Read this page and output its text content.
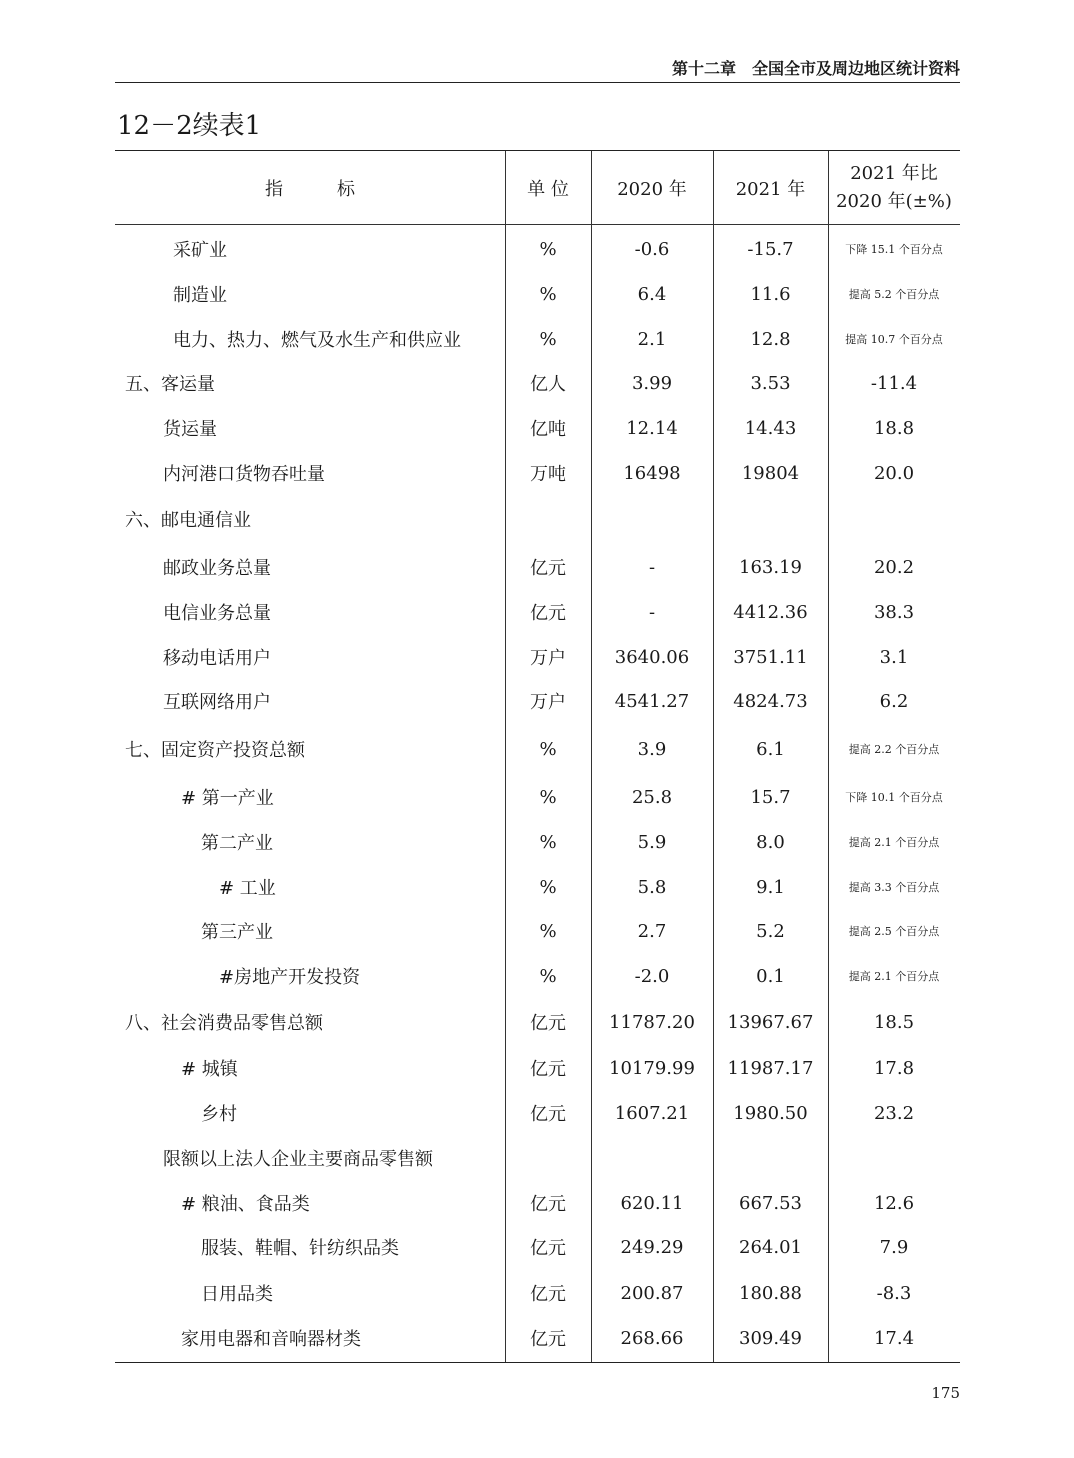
第十二章　全国全市及周边地区统计资料
12－2续表1
指　　　标	单 位	2020 年	2021 年
2021 年比
2020 年(±%)
采矿业	%	-0.6	-15.7	下降 15.1 个百分点
制造业	%	6.4	11.6	提高 5.2 个百分点
电力、热力、燃气及水生产和供应业	%	2.1	12.8	提高 10.7 个百分点
五、客运量	亿人	3.99	3.53	-11.4
货运量	亿吨	12.14	14.43	18.8
内河港口货物吞吐量	万吨	16498	19804	20.0
六、邮电通信业
邮政业务总量	亿元	-	163.19	20.2
电信业务总量	亿元	-	4412.36	38.3
移动电话用户	万户	3640.06	3751.11	3.1
互联网络用户	万户	4541.27	4824.73	6.2
七、固定资产投资总额	%	3.9	6.1	提高 2.2 个百分点
# 第一产业	%	25.8	15.7	下降 10.1 个百分点
第二产业	%	5.9	8.0	提高 2.1 个百分点
# 工业	%	5.8	9.1	提高 3.3 个百分点
第三产业	%	2.7	5.2	提高 2.5 个百分点
#房地产开发投资	%	-2.0	0.1	提高 2.1 个百分点
八、社会消费品零售总额	亿元	11787.20	13967.67	18.5
# 城镇	亿元	10179.99	11987.17	17.8
乡村	亿元	1607.21	1980.50	23.2
限额以上法人企业主要商品零售额
# 粮油、食品类	亿元	620.11	667.53	12.6
服装、鞋帽、针纺织品类	亿元	249.29	264.01	7.9
日用品类	亿元	200.87	180.88	-8.3
家用电器和音响器材类	亿元	268.66	309.49	17.4
175
